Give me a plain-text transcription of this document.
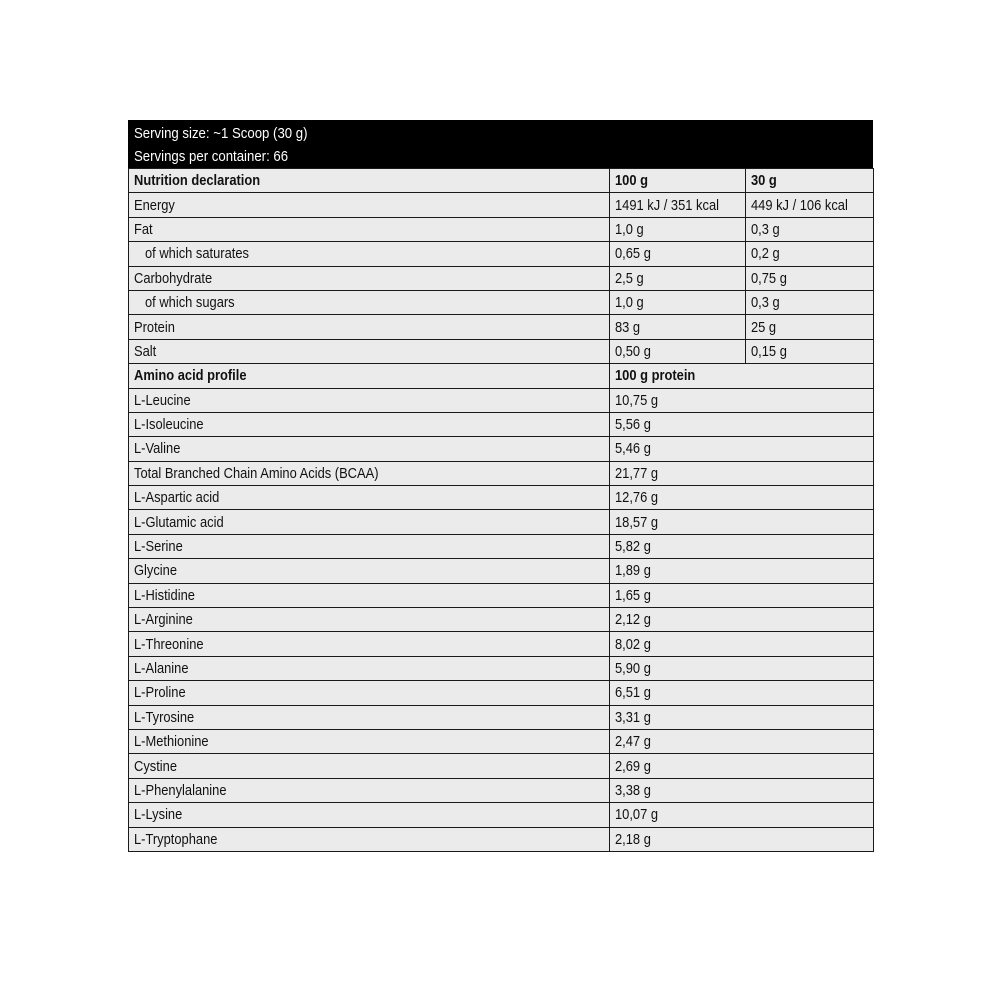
Serving size: ~1 Scoop (30 g)
Servings per container: 66
Nutrition declaration	100 g	30 g
Energy	1491 kJ / 351 kcal	449 kJ / 106 kcal
Fat	1,0 g	0,3 g
of which saturates	0,65 g	0,2 g
Carbohydrate	2,5 g	0,75 g
of which sugars	1,0 g	0,3 g
Protein	83 g	25 g
Salt	0,50 g	0,15 g
Amino acid profile	100 g protein	
L-Leucine	10,75 g	
L-Isoleucine	5,56 g	
L-Valine	5,46 g	
Total Branched Chain Amino Acids (BCAA)	21,77 g	
L-Aspartic acid	12,76 g	
L-Glutamic acid	18,57 g	
L-Serine	5,82 g	
Glycine	1,89 g	
L-Histidine	1,65 g	
L-Arginine	2,12 g	
L-Threonine	8,02 g	
L-Alanine	5,90 g	
L-Proline	6,51 g	
L-Tyrosine	3,31 g	
L-Methionine	2,47 g	
Cystine	2,69 g	
L-Phenylalanine	3,38 g	
L-Lysine	10,07 g	
L-Tryptophane	2,18 g	
